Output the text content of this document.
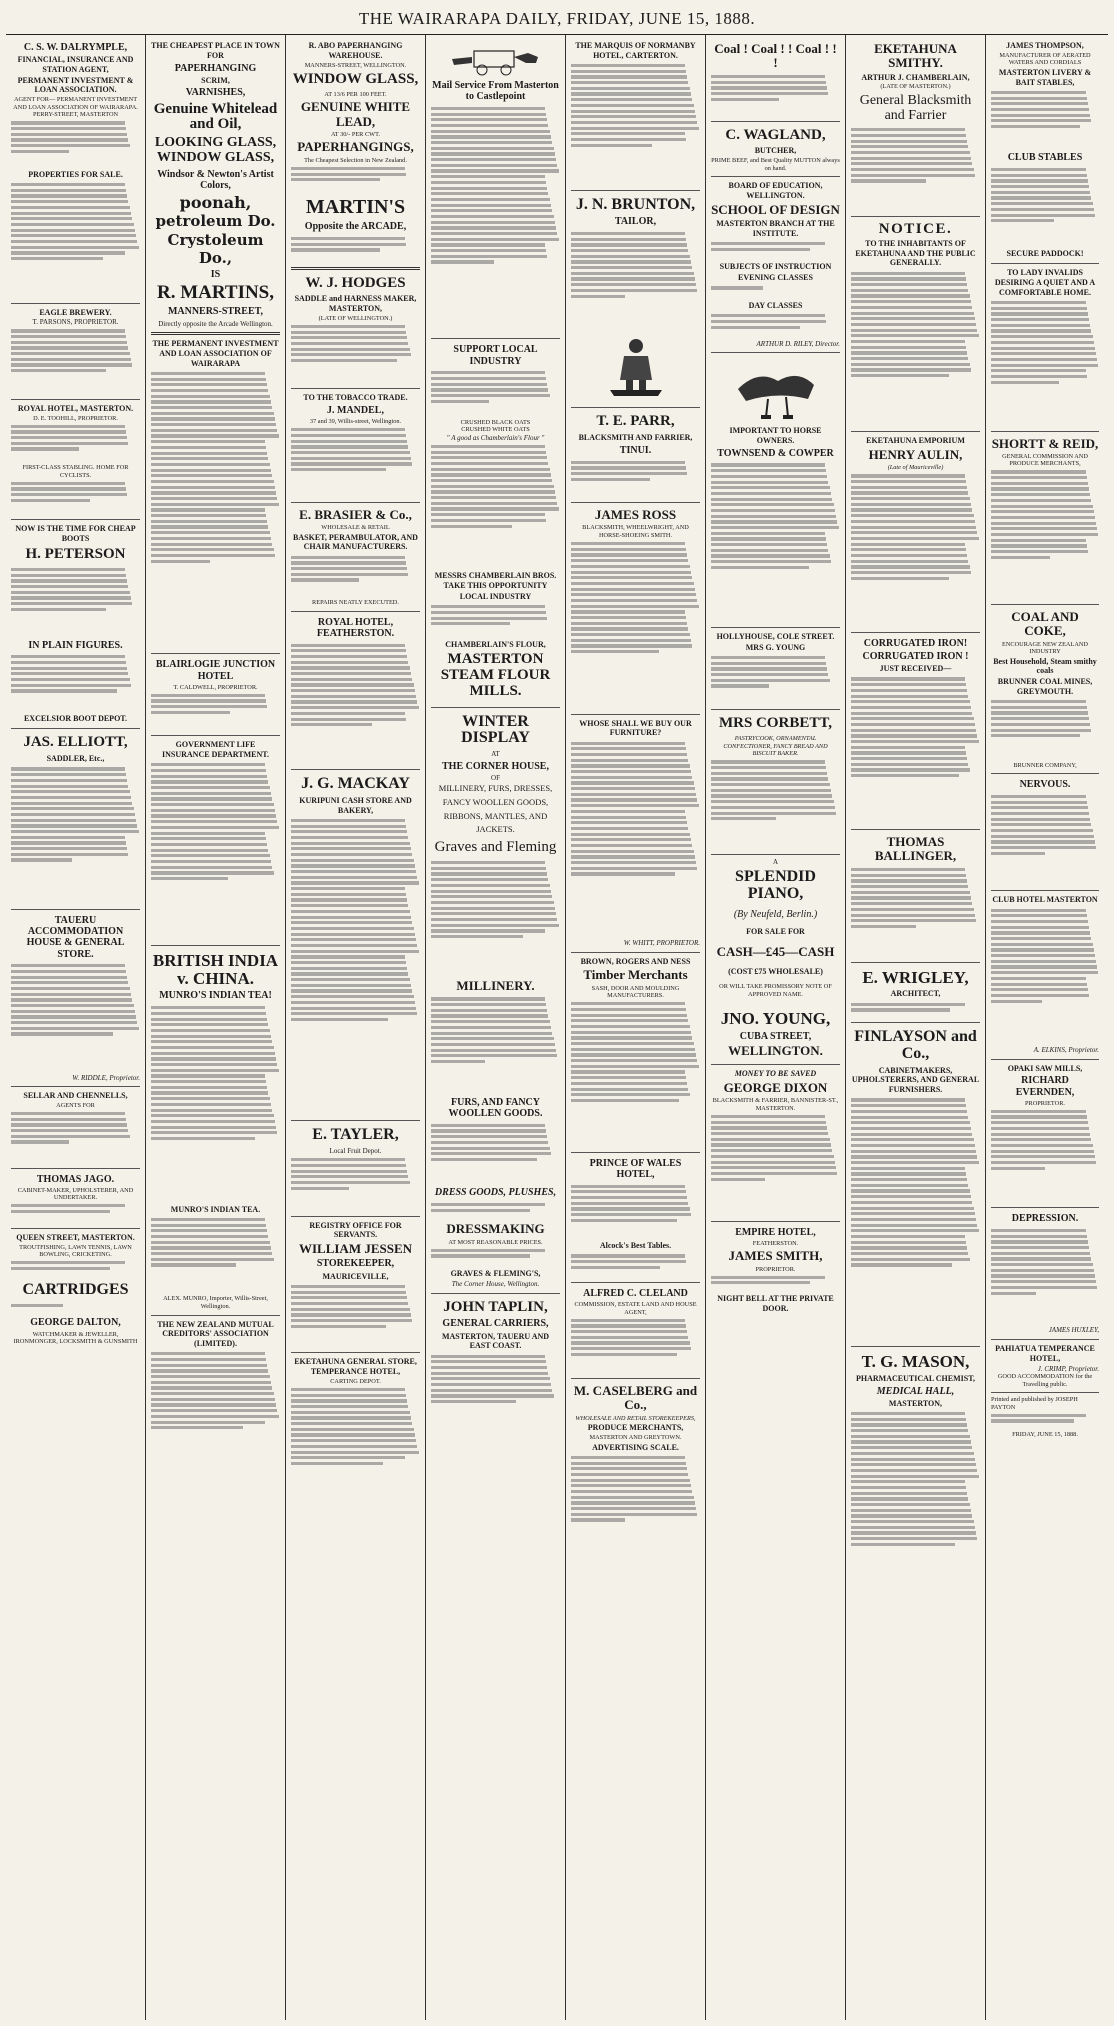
THE WAIRARAPA DAILY, FRIDAY, JUNE 15, 1888.
C. S. W. DALRYMPLE,
FINANCIAL, INSURANCE AND STATION AGENT,
PERMANENT INVESTMENT & LOAN ASSOCIATION.
AGENT FOR— PERMANENT INVESTMENT AND LOAN ASSOCIATION OF WAIRARAPA.
PERRY-STREET, MASTERTON
PROPERTIES FOR SALE.
EAGLE BREWERY.
T. PARSONS, PROPRIETOR.
ROYAL HOTEL, MASTERTON.
D. E. TOOHILL, PROPRIETOR.
FIRST-CLASS STABLING. HOME FOR CYCLISTS.
NOW IS THE TIME FOR CHEAP BOOTS
H. PETERSON
IN PLAIN FIGURES.
EXCELSIOR BOOT DEPOT.
JAS. ELLIOTT,
SADDLER, Etc.,
TAUERU ACCOMMODATION HOUSE & GENERAL STORE.
W. RIDDLE, Proprietor.
SELLAR AND CHENNELLS,
AGENTS FOR
THOMAS JAGO.
CABINET-MAKER, UPHOLSTERER, AND UNDERTAKER.
QUEEN STREET, MASTERTON.
TROUTFISHING, LAWN TENNIS, LAWN BOWLING, CRICKETING.
CARTRIDGES
GEORGE DALTON,
WATCHMAKER & JEWELLER, IRONMONGER, LOCKSMITH & GUNSMITH
THE CHEAPEST PLACE IN TOWN FOR
PAPERHANGING
SCRIM,
VARNISHES,
Genuine Whitelead and Oil,
LOOKING GLASS, WINDOW GLASS,
Windsor & Newton's Artist Colors,
poonah,
petroleum Do. Crystoleum Do.,
IS
R. MARTINS,
MANNERS-STREET,
Directly opposite the Arcade Wellington.
THE PERMANENT INVESTMENT AND LOAN ASSOCIATION OF WAIRARAPA
BLAIRLOGIE JUNCTION HOTEL
T. CALDWELL, PROPRIETOR.
GOVERNMENT LIFE INSURANCE DEPARTMENT.
BRITISH INDIA v. CHINA.
MUNRO'S INDIAN TEA!
MUNRO'S INDIAN TEA.
ALEX. MUNRO, Importer, Willis-Street, Wellington.
THE NEW ZEALAND MUTUAL CREDITORS' ASSOCIATION (LIMITED).
R. ABO PAPERHANGING WAREHOUSE.
MANNERS-STREET, WELLINGTON.
WINDOW GLASS,
AT 13/6 PER 100 FEET.
GENUINE WHITE LEAD,
AT 30/- PER CWT.
PAPERHANGINGS,
The Cheapest Selection in New Zealand.
MARTIN'S
Opposite the ARCADE,
W. J. HODGES
SADDLE and HARNESS MAKER, MASTERTON,
(LATE OF WELLINGTON.)
TO THE TOBACCO TRADE.
J. MANDEL,
37 and 39, Willis-street, Wellington.
E. BRASIER & Co.,
WHOLESALE & RETAIL
BASKET, PERAMBULATOR, AND CHAIR MANUFACTURERS.
REPAIRS NEATLY EXECUTED.
ROYAL HOTEL, FEATHERSTON.
J. G. MACKAY
KURIPUNI CASH STORE AND BAKERY,
E. TAYLER,
Local Fruit Depot.
REGISTRY OFFICE FOR SERVANTS.
WILLIAM JESSEN
STOREKEEPER,
MAURICEVILLE,
EKETAHUNA GENERAL STORE, TEMPERANCE HOTEL,
CARTING DEPOT.
Mail Service From Masterton to Castlepoint
SUPPORT LOCAL INDUSTRY
CRUSHED BLACK OATS
CRUSHED WHITE OATS
" A good as Chamberlain's Flour "
MESSRS CHAMBERLAIN BROS. TAKE THIS OPPORTUNITY
LOCAL INDUSTRY
CHAMBERLAIN'S FLOUR,
MASTERTON STEAM FLOUR MILLS.
WINTER DISPLAY
AT
THE CORNER HOUSE,
OF
MILLINERY, FURS, DRESSES, FANCY WOOLLEN GOODS, RIBBONS, MANTLES, AND JACKETS.
Graves and Fleming
MILLINERY.
FURS, AND FANCY WOOLLEN GOODS.
DRESS GOODS, PLUSHES,
DRESSMAKING
AT MOST REASONABLE PRICES.
GRAVES & FLEMING'S,
The Corner House, Wellington.
JOHN TAPLIN,
GENERAL CARRIERS,
MASTERTON, TAUERU AND EAST COAST.
THE MARQUIS OF NORMANBY HOTEL, CARTERTON.
J. N. BRUNTON,
TAILOR,
T. E. PARR,
BLACKSMITH AND FARRIER,
TINUI.
JAMES ROSS
BLACKSMITH, WHEELWRIGHT, AND HORSE-SHOEING SMITH.
WHOSE SHALL WE BUY OUR FURNITURE?
W. WHITT, PROPRIETOR.
BROWN, ROGERS AND NESS
Timber Merchants
SASH, DOOR AND MOULDING MANUFACTURERS.
PRINCE OF WALES HOTEL,
Alcock's Best Tables.
ALFRED C. CLELAND
COMMISSION, ESTATE LAND AND HOUSE AGENT,
M. CASELBERG and Co.,
WHOLESALE AND RETAIL STOREKEEPERS,
PRODUCE MERCHANTS,
MASTERTON AND GREYTOWN.
ADVERTISING SCALE.
Coal ! Coal ! ! Coal ! ! !
C. WAGLAND,
BUTCHER,
PRIME BEEF, and Best Quality MUTTON always on hand.
BOARD OF EDUCATION, WELLINGTON.
SCHOOL OF DESIGN
MASTERTON BRANCH AT THE INSTITUTE.
SUBJECTS OF INSTRUCTION
EVENING CLASSES
DAY CLASSES
ARTHUR D. RILEY, Director.
IMPORTANT TO HORSE OWNERS.
TOWNSEND & COWPER
HOLLYHOUSE, COLE STREET.
MRS G. YOUNG
MRS CORBETT,
PASTRYCOOK, ORNAMENTAL CONFECTIONER, FANCY BREAD AND BISCUIT BAKER.
A
SPLENDID PIANO,
(By Neufeld, Berlin.)
FOR SALE FOR
CASH—£45—CASH
(COST £75 WHOLESALE)
OR WILL TAKE PROMISSORY NOTE OF APPROVED NAME.
JNO. YOUNG,
CUBA STREET,
WELLINGTON.
MONEY TO BE SAVED
GEORGE DIXON
BLACKSMITH & FARRIER, BANNISTER-ST., MASTERTON.
EMPIRE HOTEL,
FEATHERSTON.
JAMES SMITH,
PROPRIETOR.
NIGHT BELL AT THE PRIVATE DOOR.
EKETAHUNA SMITHY.
ARTHUR J. CHAMBERLAIN,
(LATE OF MASTERTON.)
General Blacksmith and Farrier
NOTICE.
TO THE INHABITANTS OF EKETAHUNA AND THE PUBLIC GENERALLY.
EKETAHUNA EMPORIUM
HENRY AULIN,
(Late of Mauriceville)
CORRUGATED IRON!
CORRUGATED IRON !
JUST RECEIVED—
THOMAS BALLINGER,
E. WRIGLEY,
ARCHITECT,
FINLAYSON and Co.,
CABINETMAKERS, UPHOLSTERERS, AND GENERAL FURNISHERS.
T. G. MASON,
PHARMACEUTICAL CHEMIST,
MEDICAL HALL,
MASTERTON,
JAMES THOMPSON,
MANUFACTURER OF AERATED WATERS AND CORDIALS
MASTERTON LIVERY & BAIT STABLES,
CLUB STABLES
SECURE PADDOCK!
TO LADY INVALIDS DESIRING A QUIET AND A COMFORTABLE HOME.
SHORTT & REID,
GENERAL COMMISSION AND PRODUCE MERCHANTS,
COAL AND COKE,
ENCOURAGE NEW ZEALAND INDUSTRY
Best Household, Steam smithy coals
BRUNNER COAL MINES, GREYMOUTH.
BRUNNER COMPANY,
NERVOUS.
CLUB HOTEL MASTERTON
A. ELKINS, Proprietor.
OPAKI SAW MILLS,
RICHARD EVERNDEN,
PROPRIETOR.
DEPRESSION.
JAMES HUXLEY,
PAHIATUA TEMPERANCE HOTEL,
J. CRIMP, Proprietor.
GOOD ACCOMMODATION for the Travelling public.
Printed and published by JOSEPH PAYTON
FRIDAY, JUNE 15, 1888.
